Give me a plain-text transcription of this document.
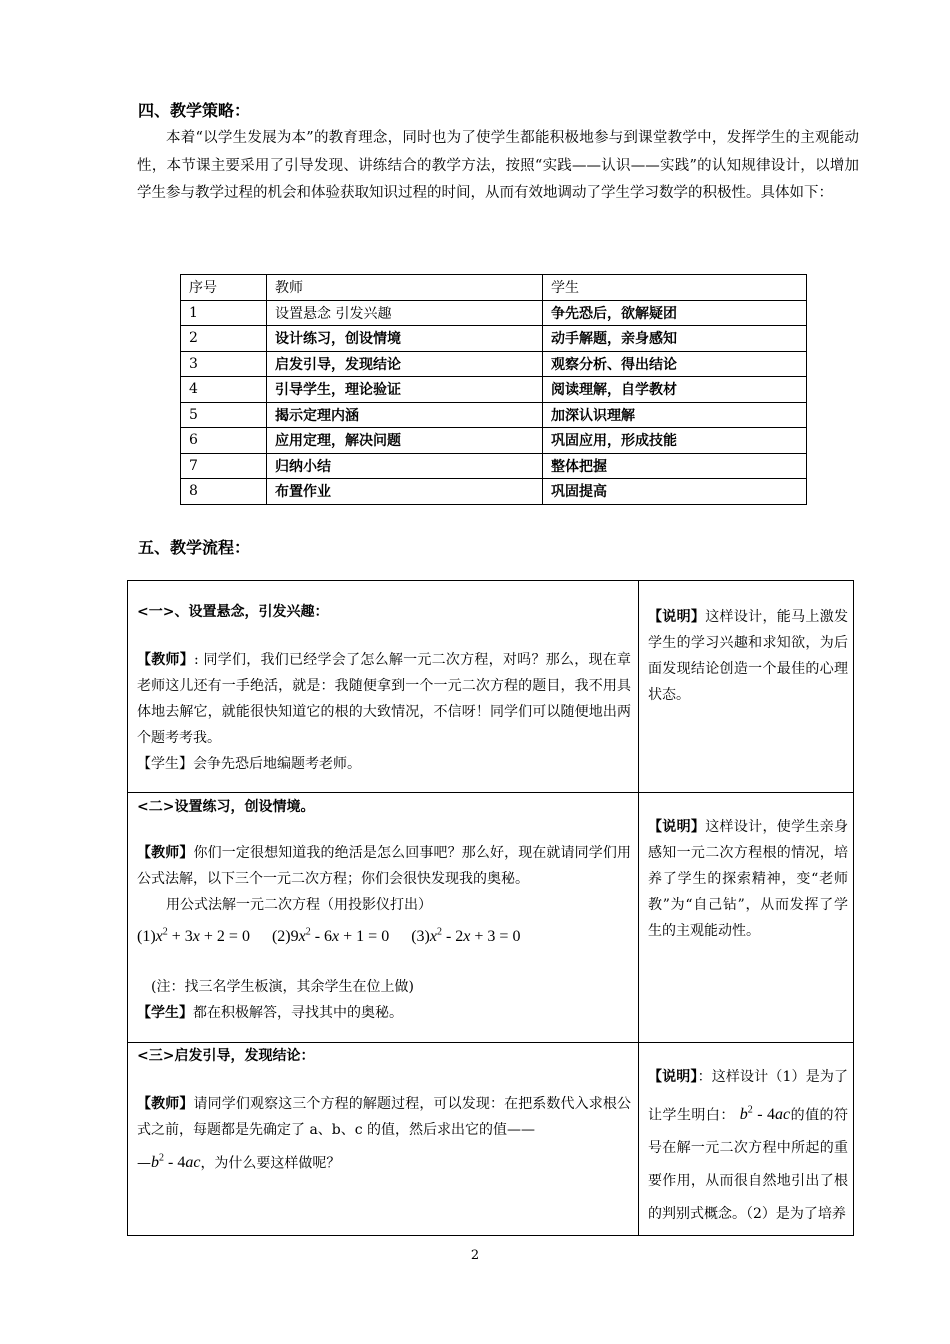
四、教学策略：

本着“以学生发展为本”的教育理念，同时也为了使学生都能积极地参与到课堂教学中，发挥学生的主观能动性，本节课主要采用了引导发现、讲练结合的教学方法，按照“实践——认识——实践”的认知规律设计，以增加学生参与教学过程的机会和体验获取知识过程的时间，从而有效地调动了学生学习数学的积极性。具体如下：

序号	教师	学生
1	设置悬念 引发兴趣	争先恐后，欲解疑团
2	设计练习，创设情境	动手解题，亲身感知
3	启发引导，发现结论	观察分析、得出结论
4	引导学生，理论验证	阅读理解，自学教材
5	揭示定理内涵	加深认识理解
6	应用定理，解决问题	巩固应用，形成技能
7	归纳小结	整体把握
8	布置作业	巩固提高
五、教学流程：

<一>、设置悬念，引发兴趣：

【教师】: 同学们，我们已经学会了怎么解一元二次方程，对吗？那么，现在章老师这儿还有一手绝活，就是：我随便拿到一个一元二次方程的题目，我不用具体地去解它，就能很快知道它的根的大致情况，不信呀！同学们可以随便地出两个题考考我。

【学生】会争先恐后地编题考老师。

【说明】这样设计，能马上激发学生的学习兴趣和求知欲，为后面发现结论创造一个最佳的心理状态。

<二>设置练习，创设情境。

【教师】你们一定很想知道我的绝活是怎么回事吧？那么好，现在就请同学们用公式法解，以下三个一元二次方程；你们会很快发现我的奥秘。

用公式法解一元二次方程（用投影仪打出）

$(1)x^2 + 3x + 2 = 0$ $(2)9x^2 - 6x + 1 = 0$ $(3)x^2 - 2x + 3 = 0$

(注：找三名学生板演，其余学生在位上做)

【学生】都在积极解答，寻找其中的奥秘。

【说明】这样设计，使学生亲身感知一元二次方程根的情况，培养了学生的探索精神，变“老师教”为“自己钻”，从而发挥了学生的主观能动性。

<三>启发引导，发现结论：

【教师】请同学们观察这三个方程的解题过程，可以发现：在把系数代入求根公式之前，每题都是先确定了 a、b、c 的值，然后求出它的值——

$—b^2 - 4ac$，为什么要这样做呢？

【说明】：这样设计（1）是为了让学生明白： $b^2 - 4ac$的值的符号在解一元二次方程中所起的重要作用，从而很自然地引出了根的判别式概念。（2）是为了培养
2
